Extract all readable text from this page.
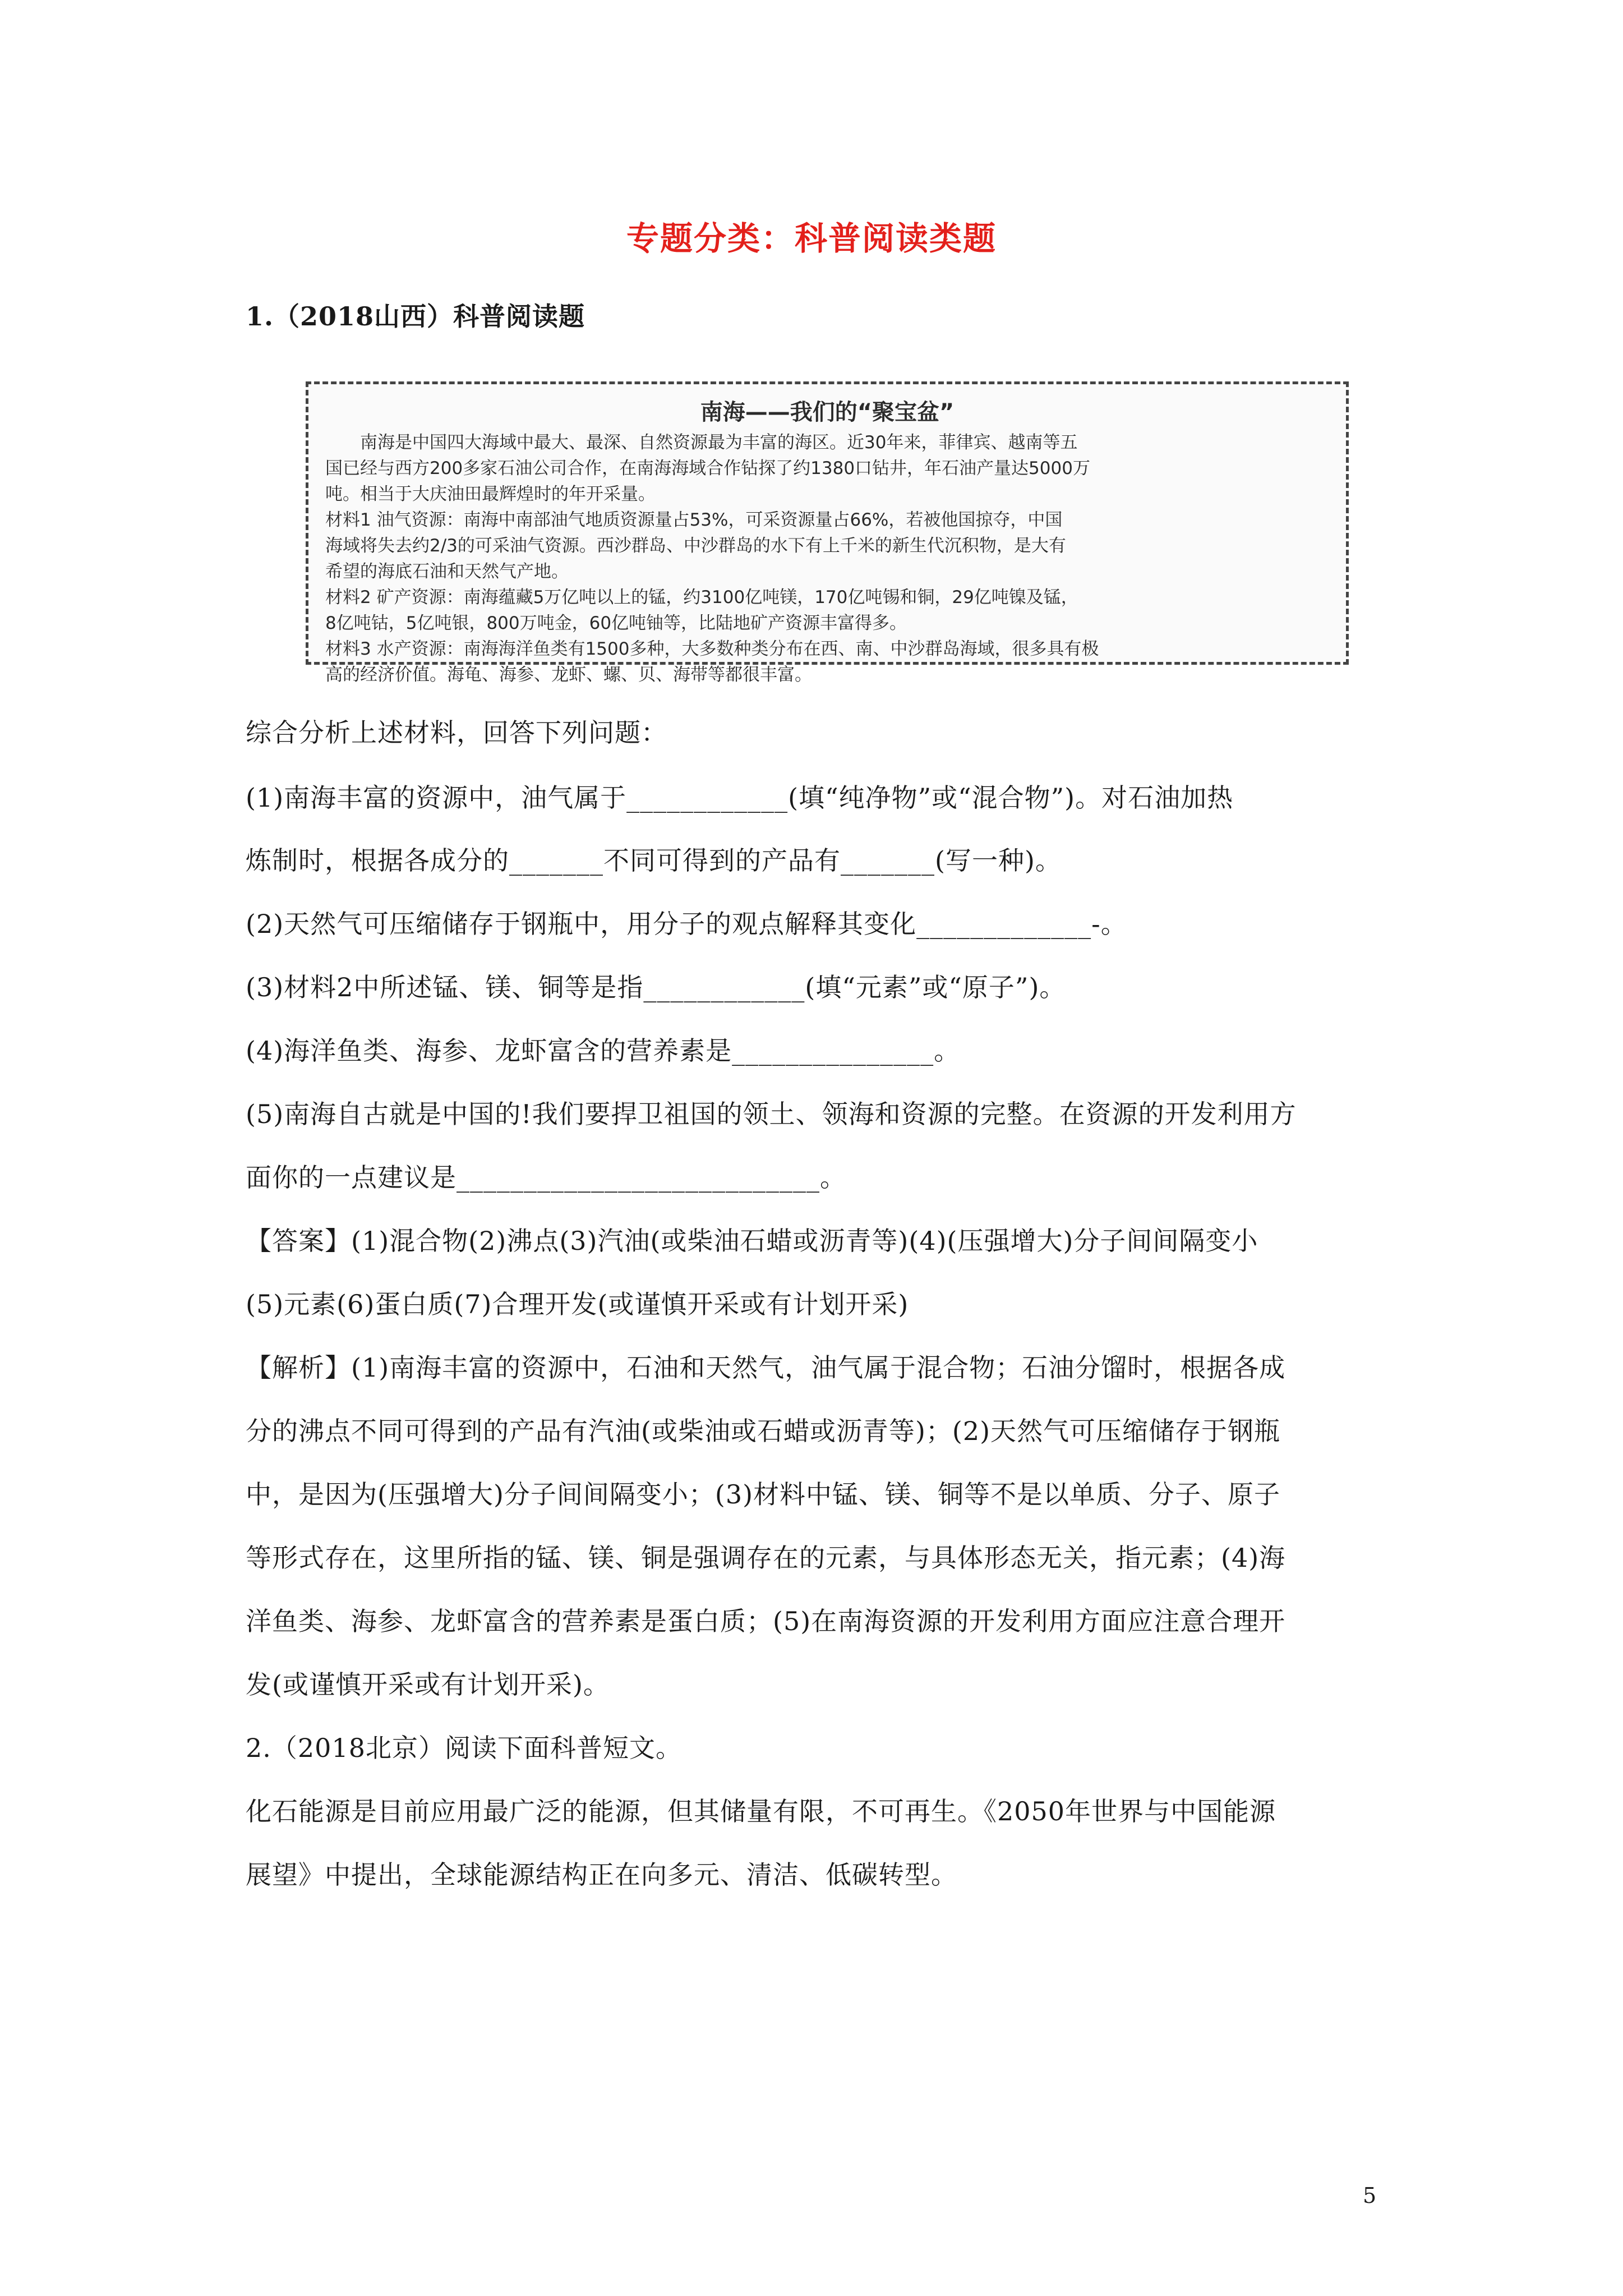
专题分类：科普阅读类题
1.（2018山西）科普阅读题
南海——我们的“聚宝盆”

南海是中国四大海域中最大、最深、自然资源最为丰富的海区。近30年来，菲律宾、越南等五

国已经与西方200多家石油公司合作，在南海海域合作钻探了约1380口钻井，年石油产量达5000万

吨。相当于大庆油田最辉煌时的年开采量。

材料1 油气资源：南海中南部油气地质资源量占53%，可采资源量占66%，若被他国掠夺，中国

海域将失去约2/3的可采油气资源。西沙群岛、中沙群岛的水下有上千米的新生代沉积物，是大有

希望的海底石油和天然气产地。

材料2 矿产资源：南海蕴藏5万亿吨以上的锰，约3100亿吨镁，170亿吨锡和铜，29亿吨镍及锰，

8亿吨钴，5亿吨银，800万吨金，60亿吨铀等，比陆地矿产资源丰富得多。

材料3 水产资源：南海海洋鱼类有1500多种，大多数种类分布在西、南、中沙群岛海域，很多具有极

高的经济价值。海龟、海参、龙虾、螺、贝、海带等都很丰富。

综合分析上述材料，回答下列问题：
(1)南海丰富的资源中，油气属于____________(填“纯净物”或“混合物”)。对石油加热
炼制时，根据各成分的_______不同可得到的产品有_______(写一种)。
(2)天然气可压缩储存于钢瓶中，用分子的观点解释其变化_____________-。
(3)材料2中所述锰、镁、铜等是指____________(填“元素”或“原子”)。
(4)海洋鱼类、海参、龙虾富含的营养素是_______________。
(5)南海自古就是中国的!我们要捍卫祖国的领土、领海和资源的完整。在资源的开发利用方
面你的一点建议是___________________________。
【答案】(1)混合物(2)沸点(3)汽油(或柴油石蜡或沥青等)(4)(压强增大)分子间间隔变小
(5)元素(6)蛋白质(7)合理开发(或谨慎开采或有计划开采)
【解析】(1)南海丰富的资源中，石油和天然气，油气属于混合物；石油分馏时，根据各成
分的沸点不同可得到的产品有汽油(或柴油或石蜡或沥青等)；(2)天然气可压缩储存于钢瓶
中，是因为(压强增大)分子间间隔变小；(3)材料中锰、镁、铜等不是以单质、分子、原子
等形式存在，这里所指的锰、镁、铜是强调存在的元素，与具体形态无关，指元素；(4)海
洋鱼类、海参、龙虾富含的营养素是蛋白质；(5)在南海资源的开发利用方面应注意合理开
发(或谨慎开采或有计划开采)。
2.（2018北京）阅读下面科普短文。
化石能源是目前应用最广泛的能源，但其储量有限，不可再生。《2050年世界与中国能源
展望》中提出，全球能源结构正在向多元、清洁、低碳转型。
5
